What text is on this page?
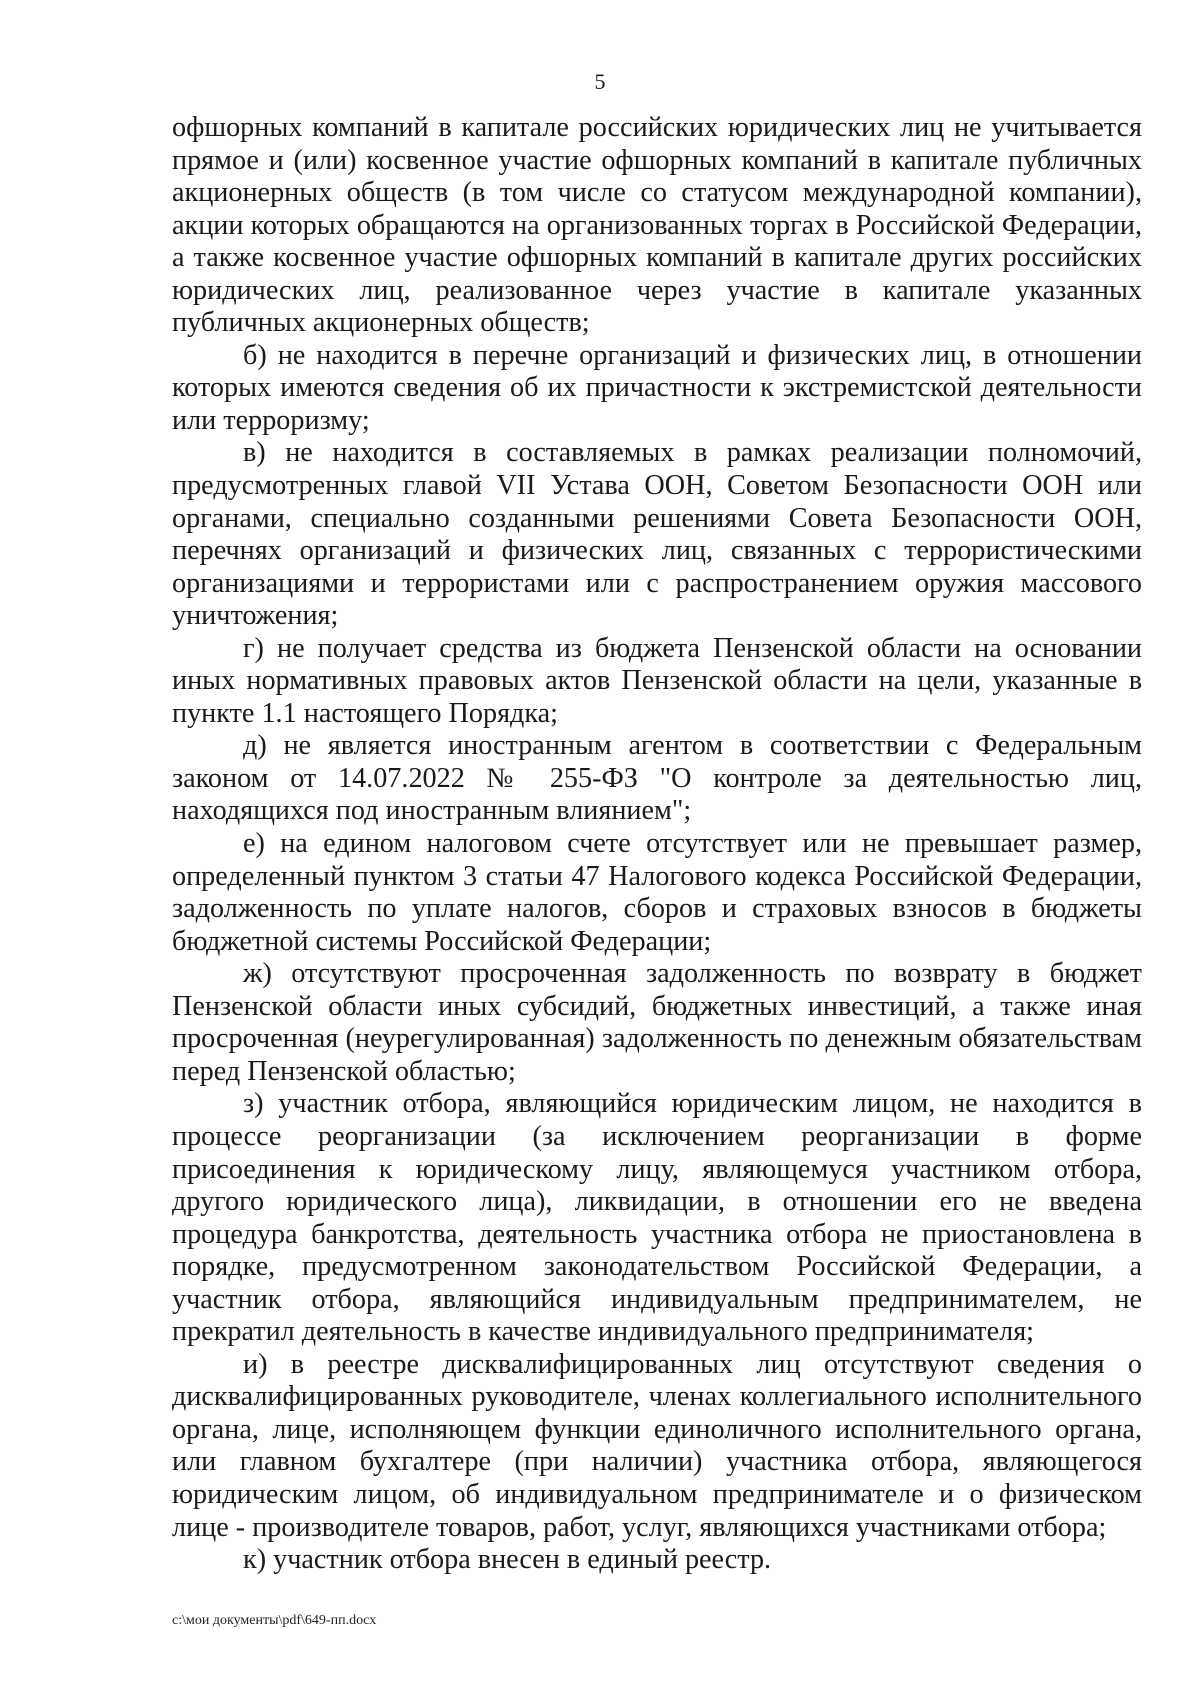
5

офшорных компаний в капитале российских юридических лиц не учитывается прямое и (или) косвенное участие офшорных компаний в капитале публичных акционерных обществ (в том числе со статусом международной компании), акции которых обращаются на организованных торгах в Российской Федерации, а также косвенное участие офшорных компаний в капитале других российских юридических лиц, реализованное через участие в капитале указанных публичных акционерных обществ;

б) не находится в перечне организаций и физических лиц, в отношении которых имеются сведения об их причастности к экстремистской деятельности или терроризму;

в) не находится в составляемых в рамках реализации полномочий, предусмотренных главой VII Устава ООН, Советом Безопасности ООН или органами, специально созданными решениями Совета Безопасности ООН, перечнях организаций и физических лиц, связанных с террористическими организациями и террористами или с распространением оружия массового уничтожения;

г) не получает средства из бюджета Пензенской области на основании иных нормативных правовых актов Пензенской области на цели, указанные в пункте 1.1 настоящего Порядка;

д) не является иностранным агентом в соответствии с Федеральным законом от 14.07.2022 № 255-ФЗ "О контроле за деятельностью лиц, находящихся под иностранным влиянием";

е) на едином налоговом счете отсутствует или не превышает размер, определенный пунктом 3 статьи 47 Налогового кодекса Российской Федерации, задолженность по уплате налогов, сборов и страховых взносов в бюджеты бюджетной системы Российской Федерации;

ж) отсутствуют просроченная задолженность по возврату в бюджет Пензенской области иных субсидий, бюджетных инвестиций, а также иная просроченная (неурегулированная) задолженность по денежным обязательствам перед Пензенской областью;

з) участник отбора, являющийся юридическим лицом, не находится в процессе реорганизации (за исключением реорганизации в форме присоединения к юридическому лицу, являющемуся участником отбора, другого юридического лица), ликвидации, в отношении его не введена процедура банкротства, деятельность участника отбора не приостановлена в порядке, предусмотренном законодательством Российской Федерации, а участник отбора, являющийся индивидуальным предпринимателем, не прекратил деятельность в качестве индивидуального предпринимателя;

и) в реестре дисквалифицированных лиц отсутствуют сведения о дисквалифицированных руководителе, членах коллегиального исполнительного органа, лице, исполняющем функции единоличного исполнительного органа, или главном бухгалтере (при наличии) участника отбора, являющегося юридическим лицом, об индивидуальном предпринимателе и о физическом лице - производителе товаров, работ, услуг, являющихся участниками отбора;

к) участник отбора внесен в единый реестр.

c:\мои документы\pdf\649-пп.docx
